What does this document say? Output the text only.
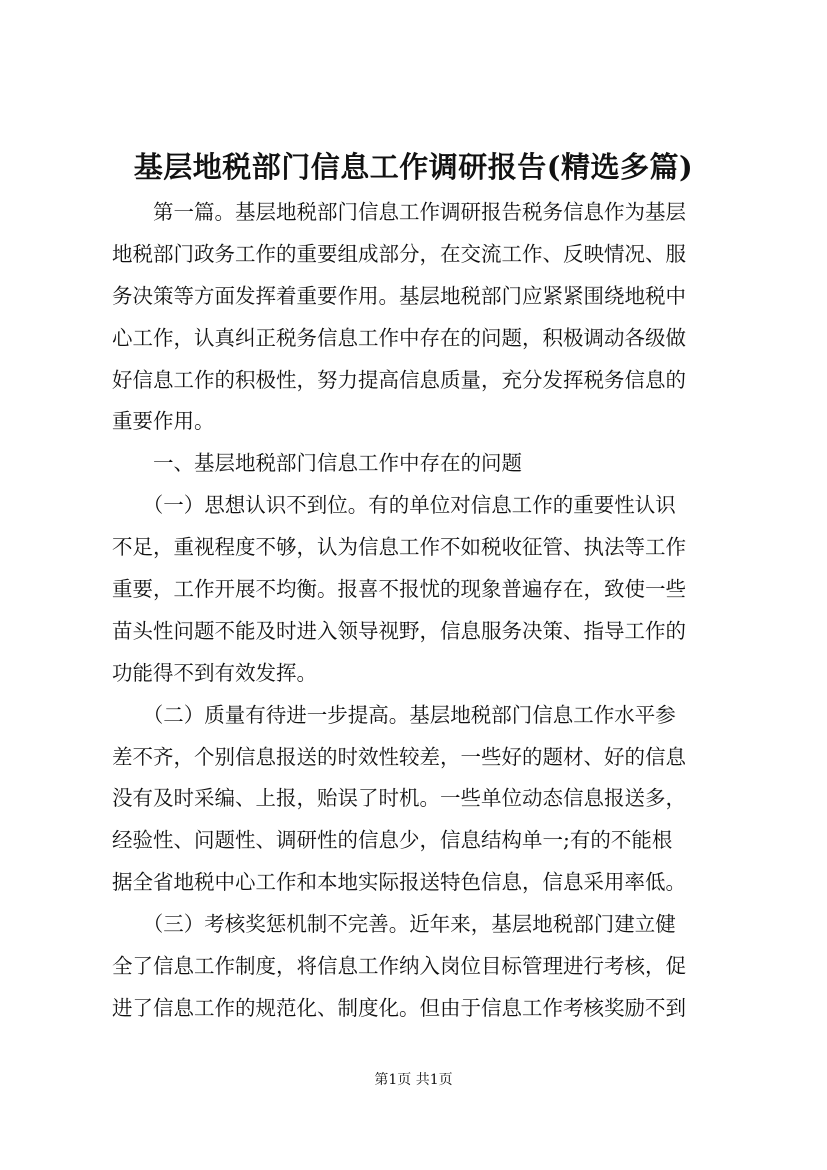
基层地税部门信息工作调研报告(精选多篇)
　　第一篇。基层地税部门信息工作调研报告税务信息作为基层
地税部门政务工作的重要组成部分，在交流工作、反映情况、服
务决策等方面发挥着重要作用。基层地税部门应紧紧围绕地税中
心工作，认真纠正税务信息工作中存在的问题，积极调动各级做
好信息工作的积极性，努力提高信息质量，充分发挥税务信息的
重要作用。
　　一、基层地税部门信息工作中存在的问题
　　（一）思想认识不到位。有的单位对信息工作的重要性认识
不足，重视程度不够，认为信息工作不如税收征管、执法等工作
重要，工作开展不均衡。报喜不报忧的现象普遍存在，致使一些
苗头性问题不能及时进入领导视野，信息服务决策、指导工作的
功能得不到有效发挥。
　　（二）质量有待进一步提高。基层地税部门信息工作水平参
差不齐，个别信息报送的时效性较差，一些好的题材、好的信息
没有及时采编、上报，贻误了时机。一些单位动态信息报送多，
经验性、问题性、调研性的信息少，信息结构单一;有的不能根
据全省地税中心工作和本地实际报送特色信息，信息采用率低。
　　（三）考核奖惩机制不完善。近年来，基层地税部门建立健
全了信息工作制度，将信息工作纳入岗位目标管理进行考核，促
进了信息工作的规范化、制度化。但由于信息工作考核奖励不到
第1页 共1页
